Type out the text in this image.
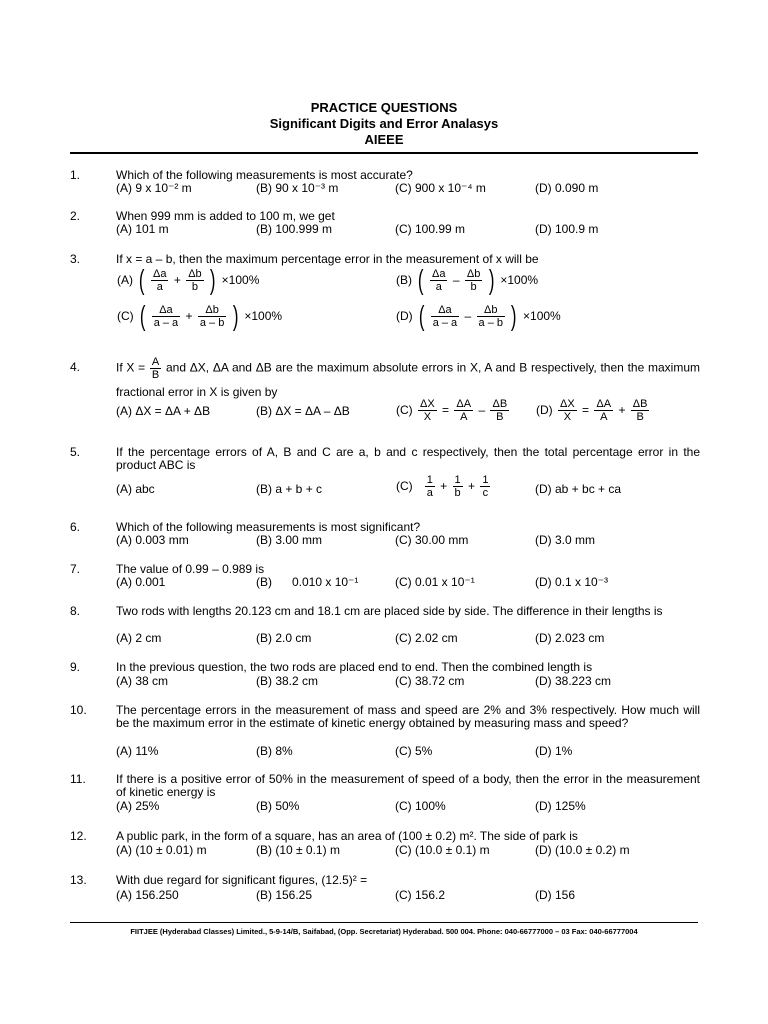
PRACTICE QUESTIONS
Significant Digits and Error Analasys
AIEEE
1.	Which of the following measurements is most accurate?
(A) 9 x 10⁻² m	(B) 90 x 10⁻³ m	(C) 900 x 10⁻⁴ m	(D) 0.090 m
2.	When 999 mm is added to 100 m, we get
(A) 101 m	(B) 100.999 m	(C) 100.99 m	(D) 100.9 m
3.	If x = a – b, then the maximum percentage error in the measurement of x will be
(A) ( $\frac{\Delta a}{a} + \frac{\Delta b}{b}$ ) ×100%	(B) ( $\frac{\Delta a}{a} - \frac{\Delta b}{b}$ ) ×100%
(C) ( $\frac{\Delta a}{a - a} + \frac{\Delta b}{a - b}$ ) ×100%	(D) ( $\frac{\Delta a}{a - a} - \frac{\Delta b}{a - b}$ ) ×100%
4.	If $X = \frac{A}{B}$ and ΔX, ΔA and ΔB are the maximum absolute errors in X, A and B respectively, then the maximum fractional error in X is given by
(A) ΔX = ΔA + ΔB	(B) ΔX = ΔA – ΔB	$(C) \frac{\Delta X}{X} = \frac{\Delta A}{A} - \frac{\Delta B}{B} (D) \frac{\Delta X}{X} = \frac{\Delta A}{A} + \frac{\Delta B}{B}$
5.	If the percentage errors of A, B and C are a, b and c respectively, then the total percentage error in the product ABC is
(A) abc	(B) a + b + c	$(C) \frac{1}{a} + \frac{1}{b} + \frac{1}{c}$	(D) ab + bc + ca
6.	Which of the following measurements is most significant?
(A) 0.003 mm	(B) 3.00 mm	(C) 30.00 mm	(D) 3.0 mm
7.	The value of 0.99 – 0.989 is
(A) 0.001	(B)      0.010 x 10⁻¹	(C) 0.01 x 10⁻¹	(D) 0.1 x 10⁻³
8.	Two rods with lengths 20.123 cm and 18.1 cm are placed side by side. The difference in their lengths is
(A) 2 cm	(B) 2.0 cm	(C) 2.02 cm	(D) 2.023 cm
9.	In the previous question, the two rods are placed end to end. Then the combined length is
(A) 38 cm	(B) 38.2 cm	(C) 38.72 cm	(D) 38.223 cm
10. The percentage errors in the measurement of mass and speed are 2% and 3% respectively. How much will be the maximum error in the estimate of kinetic energy obtained by measuring mass and speed?
(A) 11%	(B) 8%	(C) 5%	(D) 1%
11.	If there is a positive error of 50% in the measurement of speed of a body, then the error in the measurement of kinetic energy is
(A) 25%	(B) 50%	(C) 100%	(D) 125%
12. A public park, in the form of a square, has an area of (100 ± 0.2) m². The side of park is
(A) (10 ± 0.01) m	(B) (10 ± 0.1) m	(C) (10.0 ± 0.1) m	(D) (10.0 ± 0.2) m
13. With due regard for significant figures, (12.5)² =
(A) 156.250	(B) 156.25	(C) 156.2	(D) 156
FIITJEE (Hyderabad Classes) Limited., 5-9-14/B, Saifabad, (Opp. Secretariat) Hyderabad. 500 004. Phone: 040-66777000 – 03 Fax: 040-66777004
